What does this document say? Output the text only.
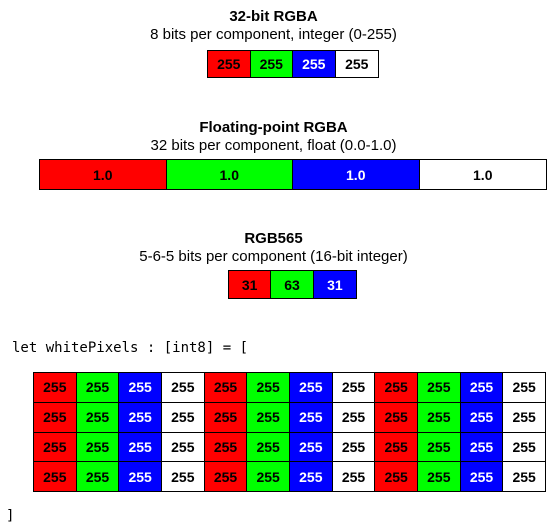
32-bit RGBA
8 bits per component, integer (0-255)
255	255	255	255
Floating-point RGBA
32 bits per component, float (0.0-1.0)
1.0	1.0	1.0	1.0
RGB565
5-6-5 bits per component (16-bit integer)
31	63	31
let whitePixels : [int8] = [
]
255	255	255	255	255	255	255	255	255	255	255	255
255	255	255	255	255	255	255	255	255	255	255	255
255	255	255	255	255	255	255	255	255	255	255	255
255	255	255	255	255	255	255	255	255	255	255	255
